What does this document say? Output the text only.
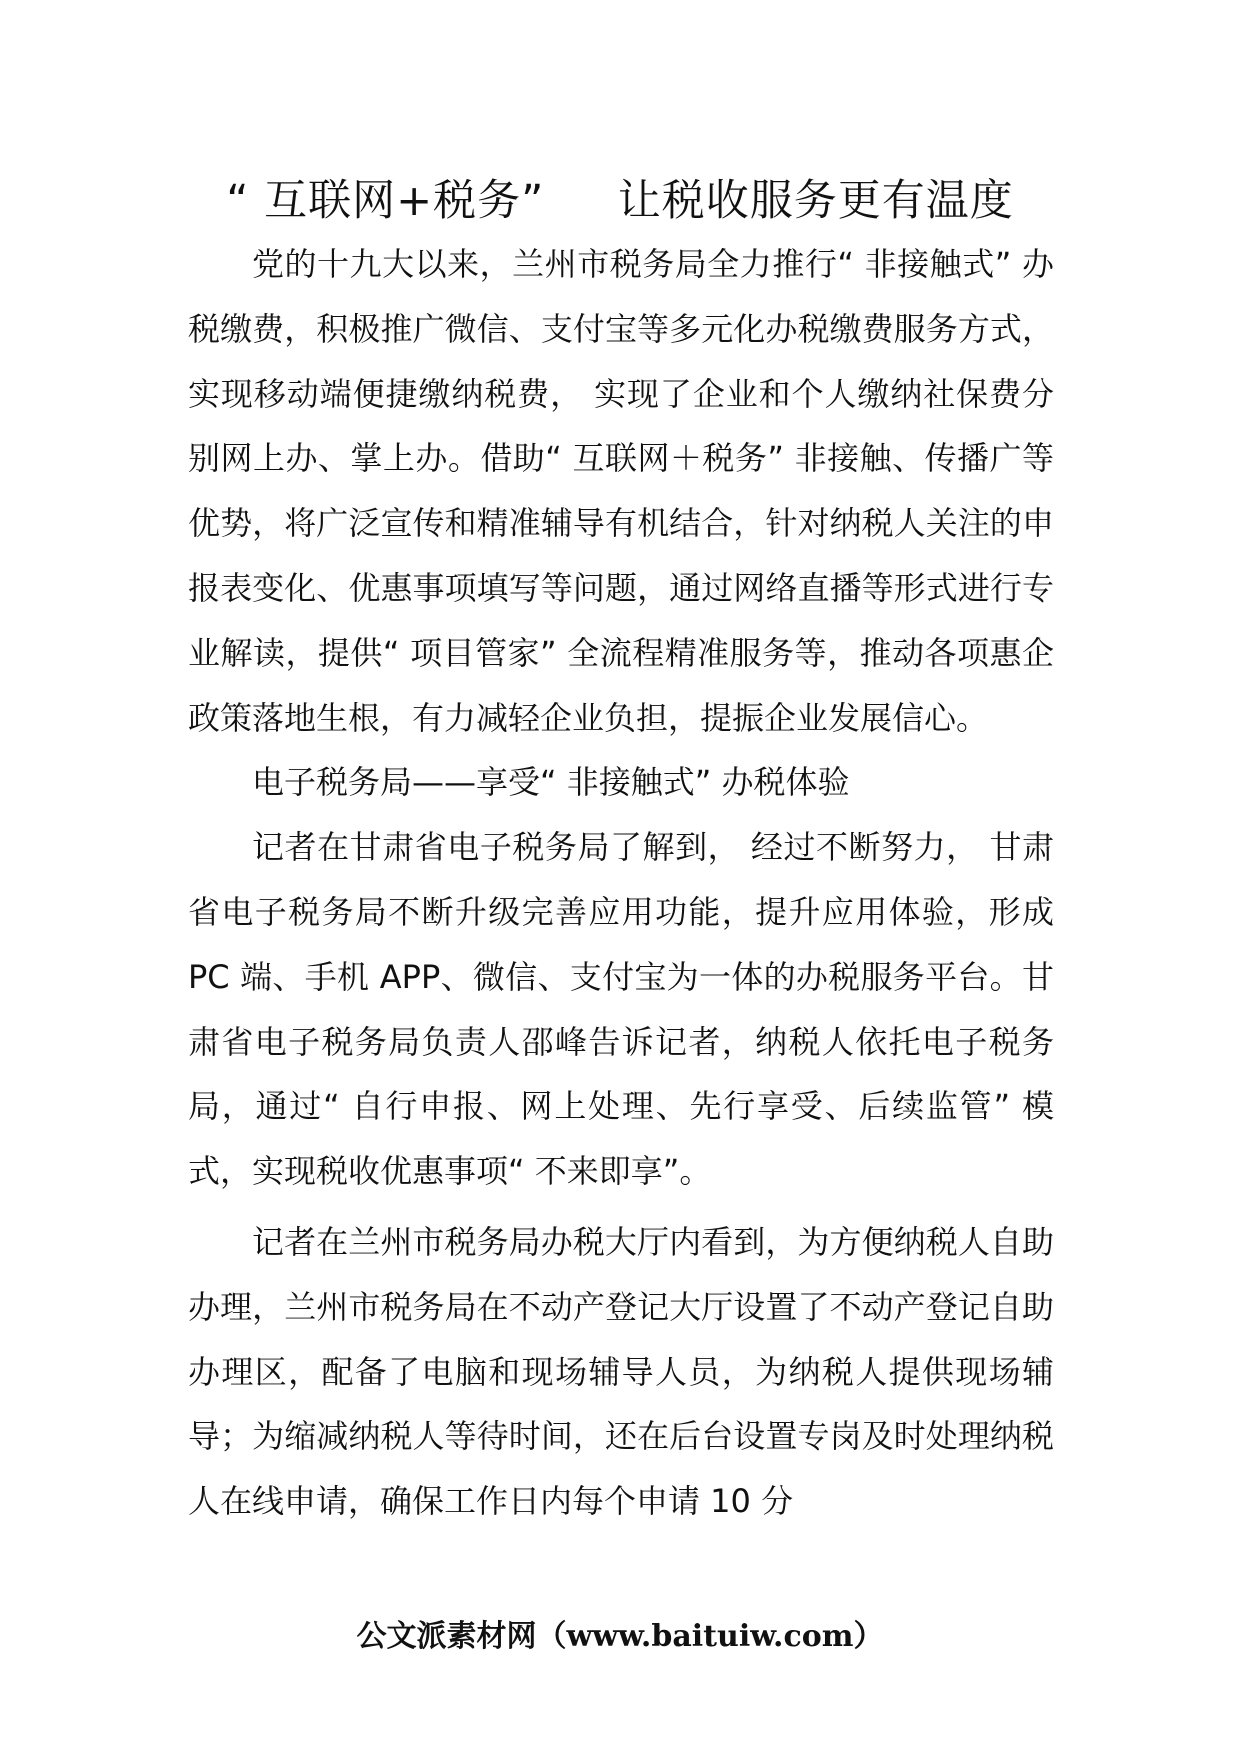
“ 互联网+税务”     让税收服务更有温度

党的十九大以来，兰州市税务局全力推行“ 非接触式” 办税缴费，积极推广微信、支付宝等多元化办税缴费服务方式， 实现移动端便捷缴纳税费， 实现了企业和个人缴纳社保费分别网上办、掌上办。借助“ 互联网＋税务” 非接触、传播广等优势，将广泛宣传和精准辅导有机结合，针对纳税人关注的申报表变化、优惠事项填写等问题，通过网络直播等形式进行专业解读，提供“ 项目管家” 全流程精准服务等，推动各项惠企政策落地生根，有力减轻企业负担，提振企业发展信心。

电子税务局——享受“ 非接触式” 办税体验

记者在甘肃省电子税务局了解到， 经过不断努力， 甘肃省电子税务局不断升级完善应用功能，提升应用体验，形成 PC 端、手机 APP、微信、支付宝为一体的办税服务平台。甘肃省电子税务局负责人邵峰告诉记者，纳税人依托电子税务局，通过“ 自行申报、网上处理、先行享受、后续监管” 模式，实现税收优惠事项“ 不来即享”。

记者在兰州市税务局办税大厅内看到，为方便纳税人自助办理，兰州市税务局在不动产登记大厅设置了不动产登记自助办理区，配备了电脑和现场辅导人员，为纳税人提供现场辅导；为缩减纳税人等待时间，还在后台设置专岗及时处理纳税人在线申请，确保工作日内每个申请 10 分

公文派素材网（www.baituiw.com）
